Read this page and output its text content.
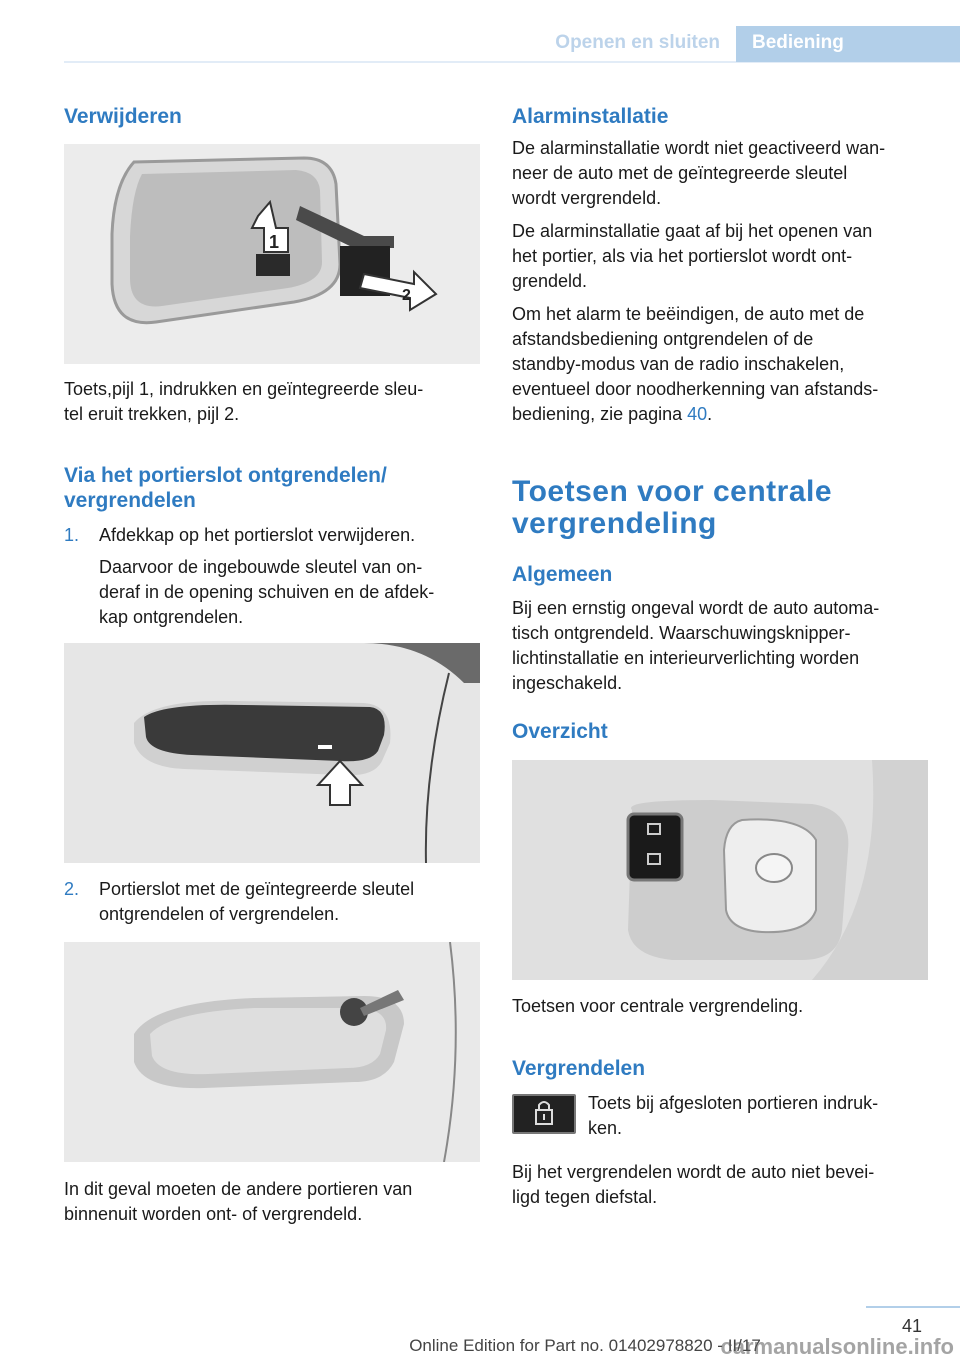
Openen en sluiten	Bediening
Verwijderen
1
2

Toets,pijl 1, indrukken en geïntegreerde sleu-
tel eruit trekken, pijl 2.

Via het portierslot ontgrendelen/
vergrendelen
1. Afdekkap op het portierslot verwijderen.

Daarvoor de ingebouwde sleutel van on-
deraf in de opening schuiven en de afdek-
kap ontgrendelen.

2. Portierslot met de geïntegreerde sleutel
ontgrendelen of vergrendelen.

In dit geval moeten de andere portieren van
binnenuit worden ont- of vergrendeld.

Alarminstallatie

De alarminstallatie wordt niet geactiveerd wan-
neer de auto met de geïntegreerde sleutel
wordt vergrendeld.

De alarminstallatie gaat af bij het openen van
het portier, als via het portierslot wordt ont-
grendeld.

Om het alarm te beëindigen, de auto met de
afstandsbediening ontgrendelen of de
standby-modus van de radio inschakelen,
eventueel door noodherkenning van afstands-
bediening, zie pagina 40.

Toetsen voor centrale
vergrendeling
Algemeen

Bij een ernstig ongeval wordt de auto automa-
tisch ontgrendeld. Waarschuwingsknipper-
lichtinstallatie en interieurverlichting worden
ingeschakeld.

Overzicht

Toetsen voor centrale vergrendeling.

Vergrendelen

Toets bij afgesloten portieren indruk-
ken.

Bij het vergrendelen wordt de auto niet bevei-
ligd tegen diefstal.

41
Online Edition for Part no. 01402978820 - II/17
carmanualsonline.info
